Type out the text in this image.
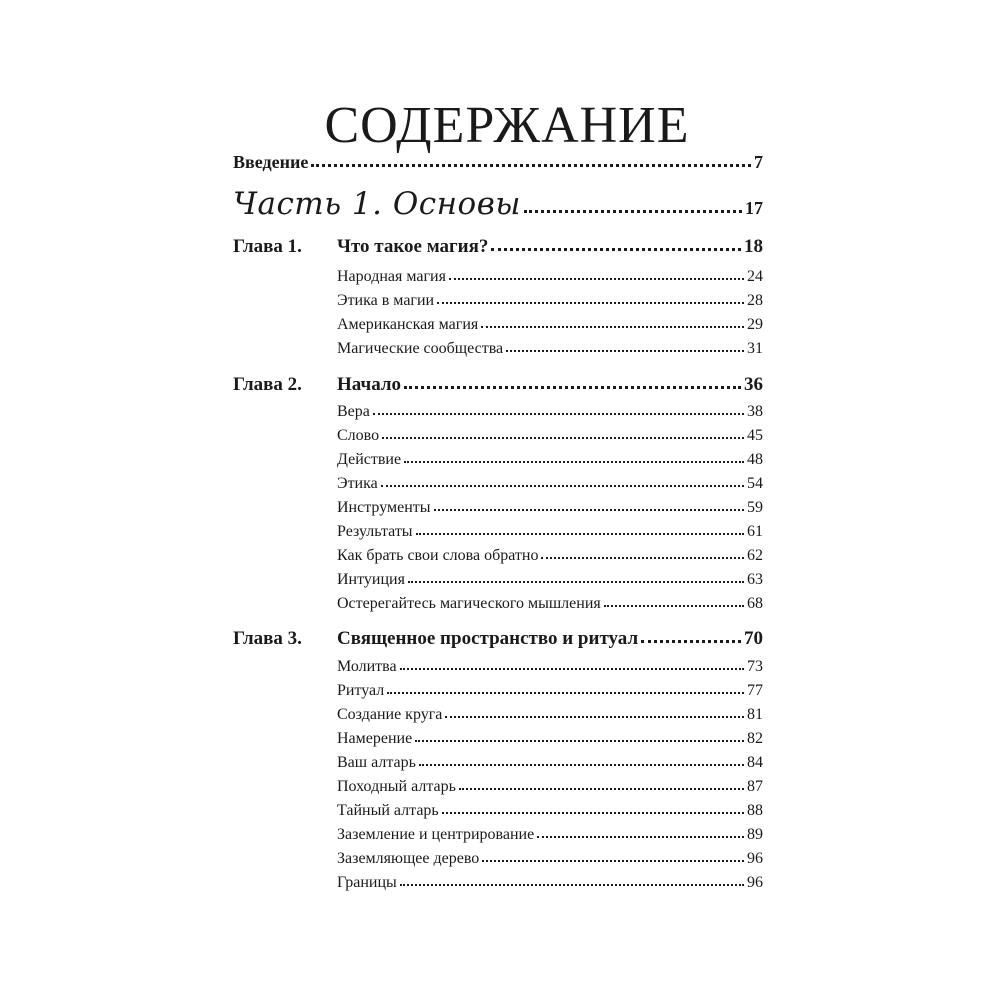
СОДЕРЖАНИЕ
Введение	7
Часть 1. Основы	17
Глава 1.	Что такое магия?	18
Народная магия	24
Этика в магии	28
Американская магия	29
Магические сообщества	31
Глава 2.	Начало	36
Вера	38
Слово	45
Действие	48
Этика	54
Инструменты	59
Результаты	61
Как брать свои слова обратно	62
Интуиция	63
Остерегайтесь магического мышления	68
Глава 3.	Священное пространство и ритуал	70
Молитва	73
Ритуал	77
Создание круга	81
Намерение	82
Ваш алтарь	84
Походный алтарь	87
Тайный алтарь	88
Заземление и центрирование	89
Заземляющее дерево	96
Границы	96
